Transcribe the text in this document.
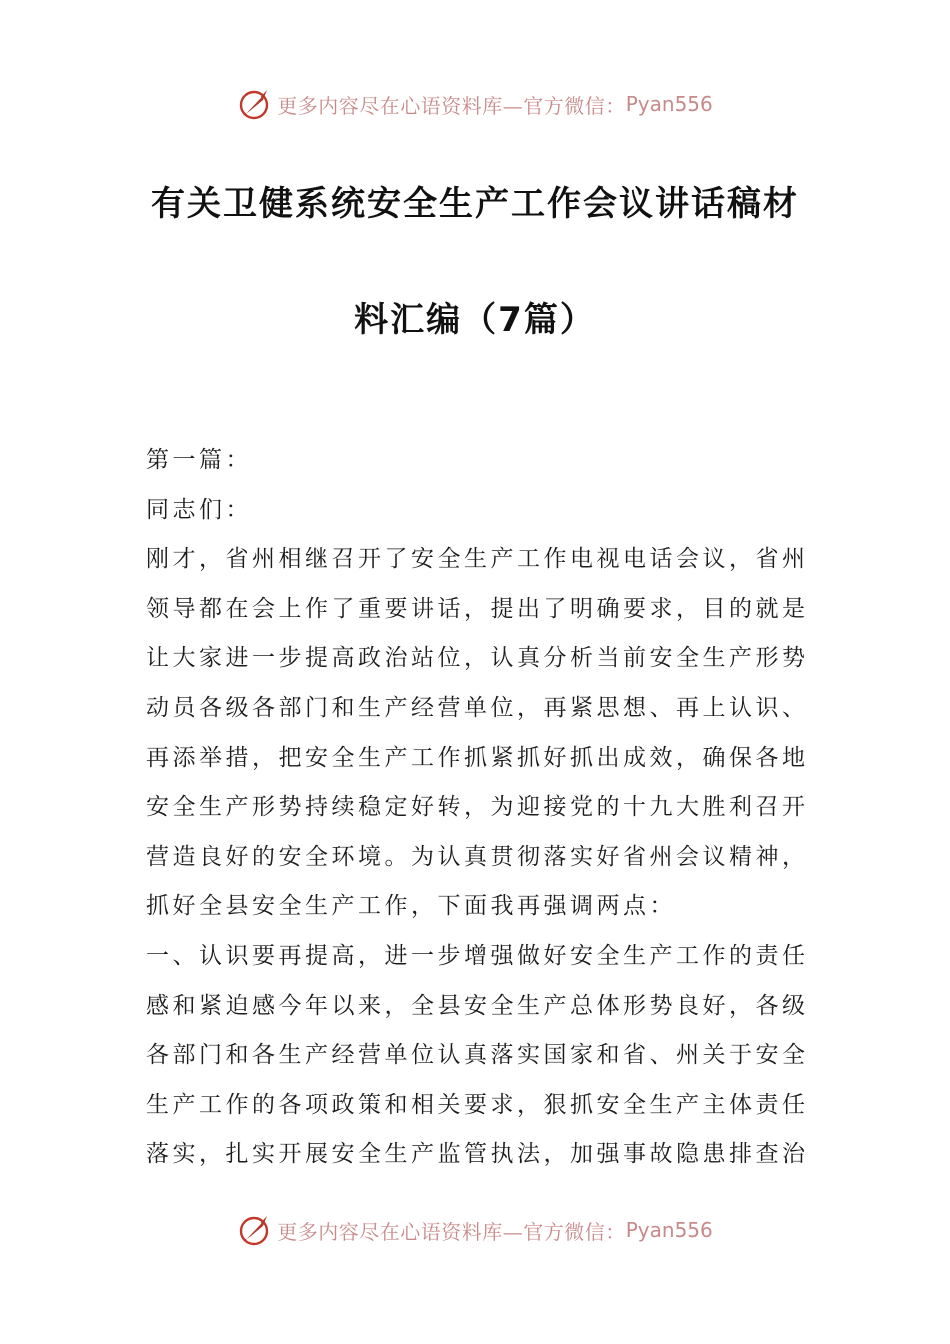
更多内容尽在心语资料库—官方微信： Pyan556
有关卫健系统安全生产工作会议讲话稿材
料汇编（7篇）
第一篇：
同志们：
刚才，省州相继召开了安全生产工作电视电话会议，省州
领导都在会上作了重要讲话，提出了明确要求，目的就是
让大家进一步提高政治站位，认真分析当前安全生产形势
动员各级各部门和生产经营单位，再紧思想、再上认识、
再添举措，把安全生产工作抓紧抓好抓出成效，确保各地
安全生产形势持续稳定好转，为迎接党的十九大胜利召开
营造良好的安全环境。为认真贯彻落实好省州会议精神，
抓好全县安全生产工作，下面我再强调两点：
一、认识要再提高，进一步增强做好安全生产工作的责任
感和紧迫感今年以来，全县安全生产总体形势良好，各级
各部门和各生产经营单位认真落实国家和省、州关于安全
生产工作的各项政策和相关要求，狠抓安全生产主体责任
落实，扎实开展安全生产监管执法，加强事故隐患排查治
更多内容尽在心语资料库—官方微信： Pyan556
